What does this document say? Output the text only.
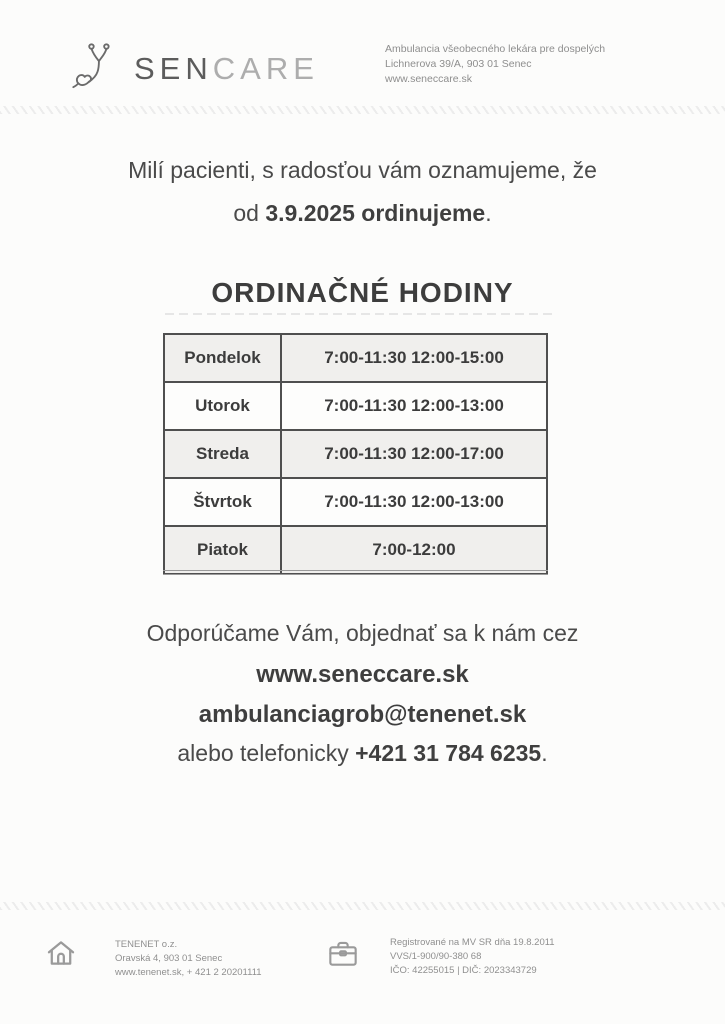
SENCARE
Ambulancia všeobecného lekára pre dospelých
Lichnerova 39/A, 903 01 Senec
www.seneccare.sk
Milí pacienti, s radosťou vám oznamujeme, že
od 3.9.2025 ordinujeme.
ORDINAČNÉ HODINY
Pondelok	7:00-11:30 12:00-15:00
Utorok	7:00-11:30 12:00-13:00
Streda	7:00-11:30 12:00-17:00
Štvrtok	7:00-11:30 12:00-13:00
Piatok	7:00-12:00
Odporúčame Vám, objednať sa k nám cez
www.seneccare.sk
ambulanciagrob@tenenet.sk
alebo telefonicky +421 31 784 6235.
TENENET o.z.
Oravská 4, 903 01 Senec
www.tenenet.sk, + 421 2 20201111
Registrované na MV SR dňa 19.8.2011
VVS/1-900/90-380 68
IČO: 42255015 | DIČ: 2023343729
